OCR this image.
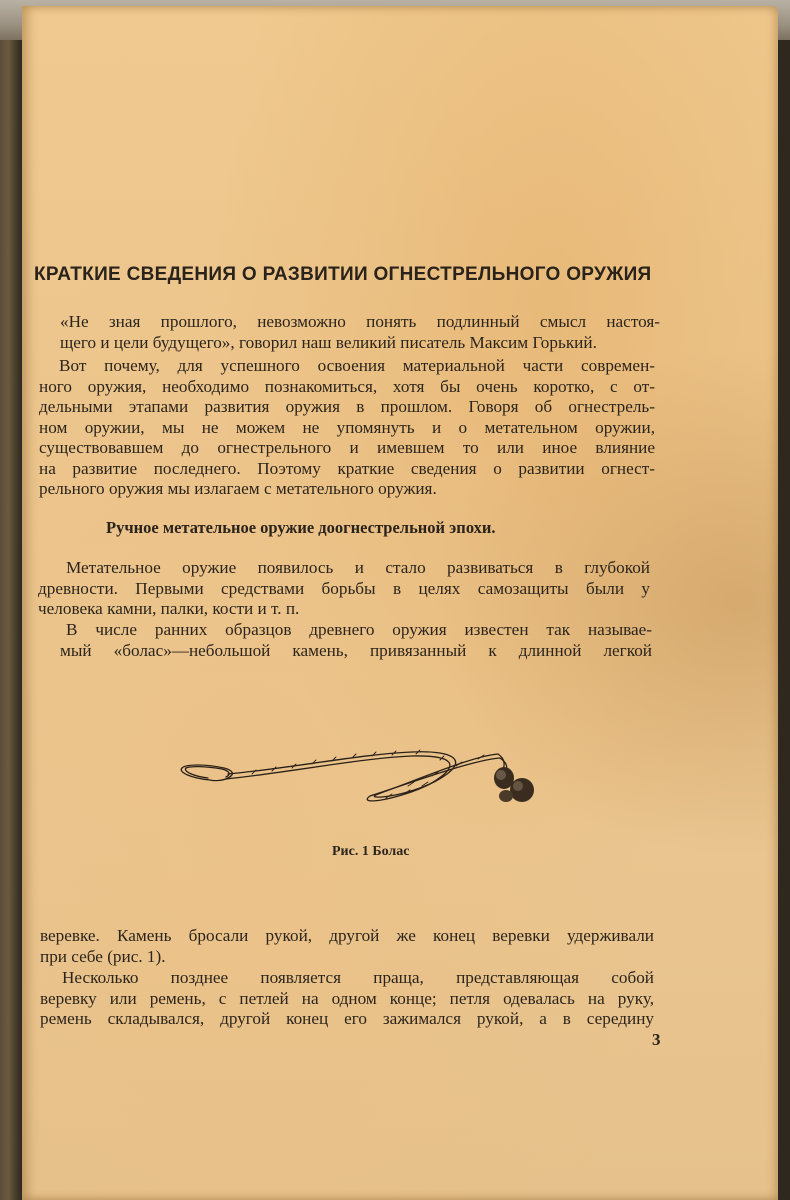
КРАТКИЕ СВЕДЕНИЯ О РАЗВИТИИ ОГНЕСТРЕЛЬНОГО ОРУЖИЯ
«Не зная прошлого, невозможно понять подлинный смысл настоя-
щего и цели будущего», говорил наш великий писатель Максим Горький.
Вот почему, для успешного освоения материальной части современ-
ного оружия, необходимо познакомиться, хотя бы очень коротко, с от-
дельными этапами развития оружия в прошлом. Говоря об огнестрель-
ном оружии, мы не можем не упомянуть и о метательном оружии,
существовавшем до огнестрельного и имевшем то или иное влияние
на развитие последнего. Поэтому краткие сведения о развитии огнест-
рельного оружия мы излагаем с метательного оружия.
Ручное метательное оружие доогнестрельной эпохи.
Метательное оружие появилось и стало развиваться в глубокой
древности. Первыми средствами борьбы в целях самозащиты были у
человека камни, палки, кости и т. п.
В числе ранних образцов древнего оружия известен так называе-
мый «болас»—небольшой камень, привязанный к длинной легкой
Рис. 1 Болас
веревке. Камень бросали рукой, другой же конец веревки удерживали
при себе (рис. 1).
Несколько позднее появляется праща, представляющая собой
веревку или ремень, с петлей на одном конце; петля одевалась на руку,
ремень складывался, другой конец его зажимался рукой, а в середину
3
